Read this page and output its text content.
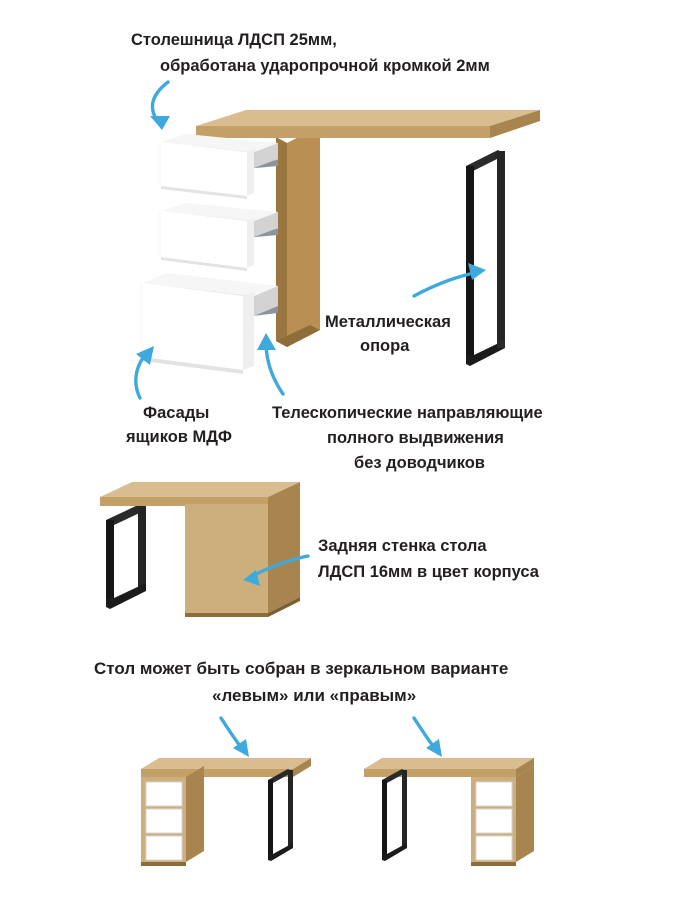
Столешница ЛДСП 25мм,
обработана ударопрочной кромкой 2мм
Металлическая
опора
Фасады
ящиков МДФ
Телескопические направляющие
полного выдвижения
без доводчиков
Задняя стенка стола
ЛДСП 16мм в цвет корпуса
Стол может быть собран в зеркальном варианте
«левым» или «правым»
